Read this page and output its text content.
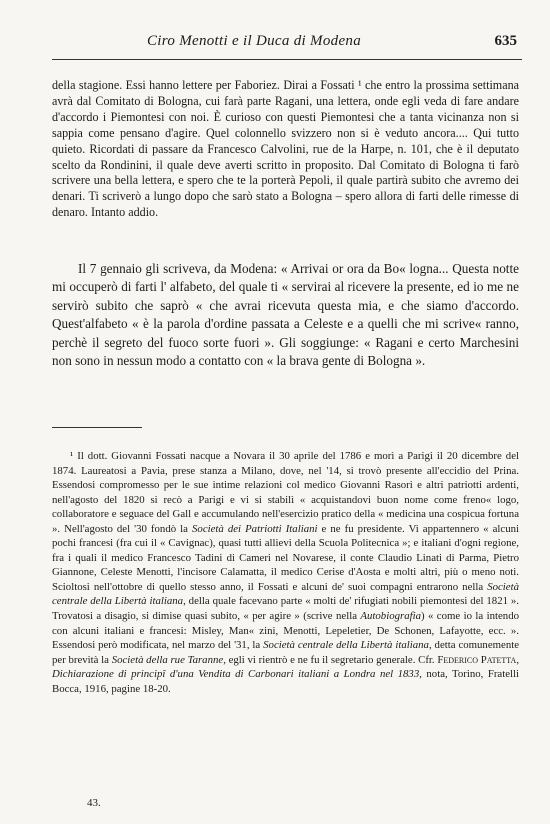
Ciro Menotti e il Duca di Modena	635

della stagione. Essi hanno lettere per Faboriez. Dirai a Fossati ¹ che entro la prossima settimana avrà dal Comitato di Bologna, cui farà parte Ragani, una lettera, onde egli veda di fare andare d'accordo i Piemontesi con noi. È curioso con questi Piemontesi che a tanta vicinanza non si sappia come pensano d'agire. Quel colonnello svizzero non si è veduto ancora.... Qui tutto quieto. Ricordati di passare da Francesco Calvolini, rue de la Harpe, n. 101, che è il deputato scelto da Rondinini, il quale deve averti scritto in proposito. Dal Comitato di Bologna ti farò scrivere una bella lettera, e spero che te la porterà Pepoli, il quale partirà subito che avremo dei denari. Ti scriverò a lungo dopo che sarò stato a Bologna – spero allora di farti delle rimesse di denaro. Intanto addio.

Il 7 gennaio gli scriveva, da Modena: « Arrivai or ora da Bo« logna... Questa notte mi occuperò di farti l' alfabeto, del quale ti « servirai al ricevere la presente, ed io me ne servirò subito che saprò « che avrai ricevuta questa mia, e che siamo d'accordo. Quest'alfabeto « è la parola d'ordine passata a Celeste e a quelli che mi scrive« ranno, perchè il segreto del fuoco sorte fuori ». Gli soggiunge: « Ragani e certo Marchesini non sono in nessun modo a contatto con « la brava gente di Bologna ».

¹ Il dott. Giovanni Fossati nacque a Novara il 30 aprile del 1786 e morì a Parigi il 20 dicembre del 1874. Laureatosi a Pavia, prese stanza a Milano, dove, nel '14, si trovò presente all'eccidio del Prina. Essendosi compromesso per le sue intime relazioni col medico Giovanni Rasori e altri patriotti ardenti, nell'agosto del 1820 si recò a Parigi e vi si stabilì « acquistandovi buon nome come freno« logo, collaboratore e seguace del Gall e accumulando nell'esercizio pratico della « medicina una cospicua fortuna ». Nell'agosto del '30 fondò la Società dei Patriotti Italiani e ne fu presidente. Vi appartennero « alcuni pochi francesi (fra cui il « Cavignac), quasi tutti allievi della Scuola Politecnica »; e italiani d'ogni regione, fra i quali il medico Francesco Tadini di Cameri nel Novarese, il conte Claudio Linati di Parma, Pietro Giannone, Celeste Menotti, l'incisore Calamatta, il medico Cerise d'Aosta e molti altri, più o meno noti. Scioltosi nell'ottobre di quello stesso anno, il Fossati e alcuni de' suoi compagni entrarono nella Società centrale della Libertà italiana, della quale facevano parte « molti de' rifugiati nobili piemontesi del 1821 ». Trovatosi a disagio, si dimise quasi subito, « per agire » (scrive nella Autobiografia) « come io la intendo con alcuni italiani e francesi: Misley, Man« zini, Menotti, Lepeletier, De Schonen, Lafayotte, ecc. ». Essendosi però modificata, nel marzo del '31, la Società centrale della Libertà italiana, detta comunemente per brevità la Società della rue Taranne, egli vi rientrò e ne fu il segretario generale. Cfr. Federico Patetta, Dichiarazione di principî d'una Vendita di Carbonari italiani a Londra nel 1833, nota, Torino, Fratelli Bocca, 1916, pagine 18-20.

43.
